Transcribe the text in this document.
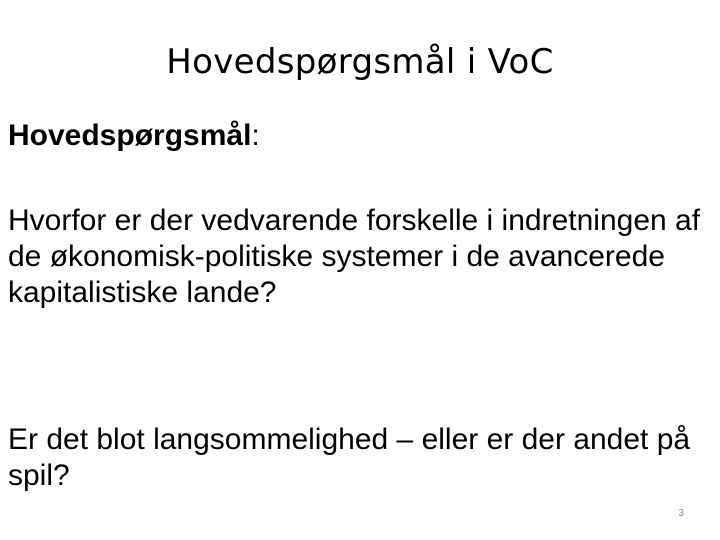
Hovedspørgsmål i VoC
Hovedspørgsmål:
Hvorfor er der vedvarende forskelle i indretningen af de økonomisk-politiske systemer i de avancerede kapitalistiske lande?
Er det blot langsommelighed – eller er der andet på spil?
3
